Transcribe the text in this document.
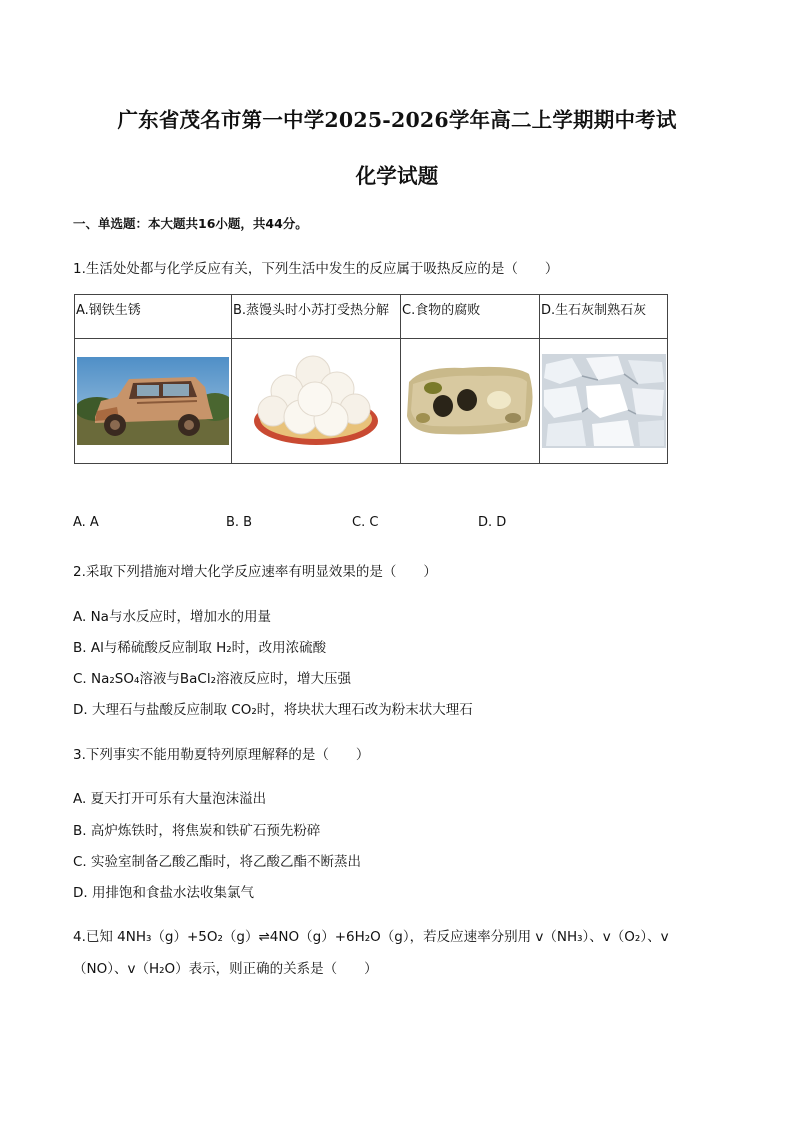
广东省茂名市第一中学2025-2026学年高二上学期期中考试
化学试题
一、单选题：本大题共16小题，共44分。
1.生活处处都与化学反应有关，下列生活中发生的反应属于吸热反应的是（　　）
A.钢铁生锈	B.蒸馒头时小苏打受热分解	C.食物的腐败	D.生石灰制熟石灰

A. A	B. B	C. C	D. D
2.采取下列措施对增大化学反应速率有明显效果的是（　　）
A. Na与水反应时，增加水的用量
B. Al与稀硫酸反应制取 H₂时，改用浓硫酸
C. Na₂SO₄溶液与BaCl₂溶液反应时，增大压强
D. 大理石与盐酸反应制取 CO₂时，将块状大理石改为粉末状大理石
3.下列事实不能用勒夏特列原理解释的是（　　）
A. 夏天打开可乐有大量泡沫溢出
B. 高炉炼铁时，将焦炭和铁矿石预先粉碎
C. 实验室制备乙酸乙酯时，将乙酸乙酯不断蒸出
D. 用排饱和食盐水法收集氯气
4.已知 4NH₃（g）+5O₂（g）⇌4NO（g）+6H₂O（g），若反应速率分别用 v（NH₃）、v（O₂）、v
（NO）、v（H₂O）表示，则正确的关系是（　　）
